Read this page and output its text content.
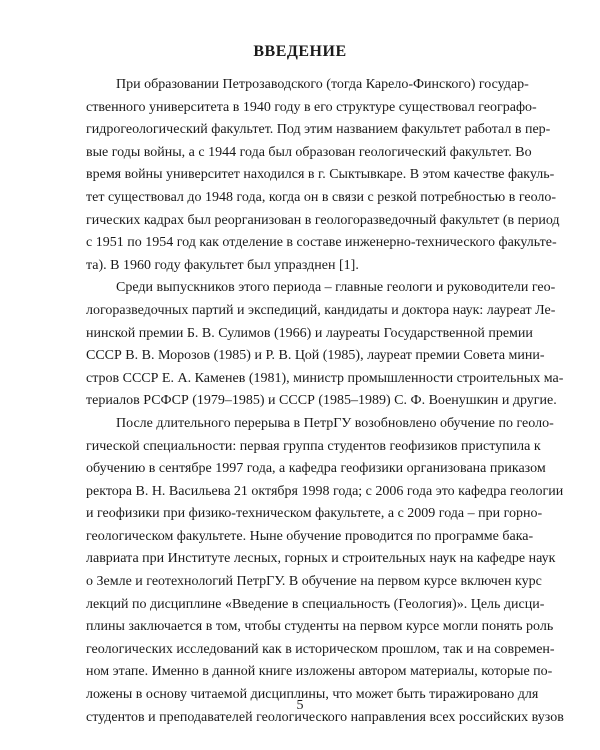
ВВЕДЕНИЕ

При образовании Петрозаводского (тогда Карело-Финского) государ-
ственного университета в 1940 году в его структуре существовал географо-
гидрогеологический факультет. Под этим названием факультет работал в пер-
вые годы войны, а с 1944 года был образован геологический факультет. Во
время войны университет находился в г. Сыктывкаре. В этом качестве факуль-
тет существовал до 1948 года, когда он в связи с резкой потребностью в геоло-
гических кадрах был реорганизован в геологоразведочный факультет (в период
с 1951 по 1954 год как отделение в составе инженерно-технического факульте-
та). В 1960 году факультет был упразднен [1].

Среди выпускников этого периода – главные геологи и руководители гео-
логоразведочных партий и экспедиций, кандидаты и доктора наук: лауреат Ле-
нинской премии Б. В. Сулимов (1966) и лауреаты Государственной премии
СССР В. В. Морозов (1985) и Р. В. Цой (1985), лауреат премии Совета мини-
стров СССР Е. А. Каменев (1981), министр промышленности строительных ма-
териалов РСФСР (1979–1985) и СССР (1985–1989) С. Ф. Военушкин и другие.

После длительного перерыва в ПетрГУ возобновлено обучение по геоло-
гической специальности: первая группа студентов геофизиков приступила к
обучению в сентябре 1997 года, а кафедра геофизики организована приказом
ректора В. Н. Васильева 21 октября 1998 года; с 2006 года это кафедра геологии
и геофизики при физико-техническом факультете, а с 2009 года – при горно-
геологическом факультете. Ныне обучение проводится по программе бака-
лавриата при Институте лесных, горных и строительных наук на кафедре наук
о Земле и геотехнологий ПетрГУ. В обучение на первом курсе включен курс
лекций по дисциплине «Введение в специальность (Геология)». Цель дисци-
плины заключается в том, чтобы студенты на первом курсе могли понять роль
геологических исследований как в историческом прошлом, так и на современ-
ном этапе. Именно в данной книге изложены автором материалы, которые по-
ложены в основу читаемой дисциплины, что может быть тиражировано для
студентов и преподавателей геологического направления всех российских вузов

5
